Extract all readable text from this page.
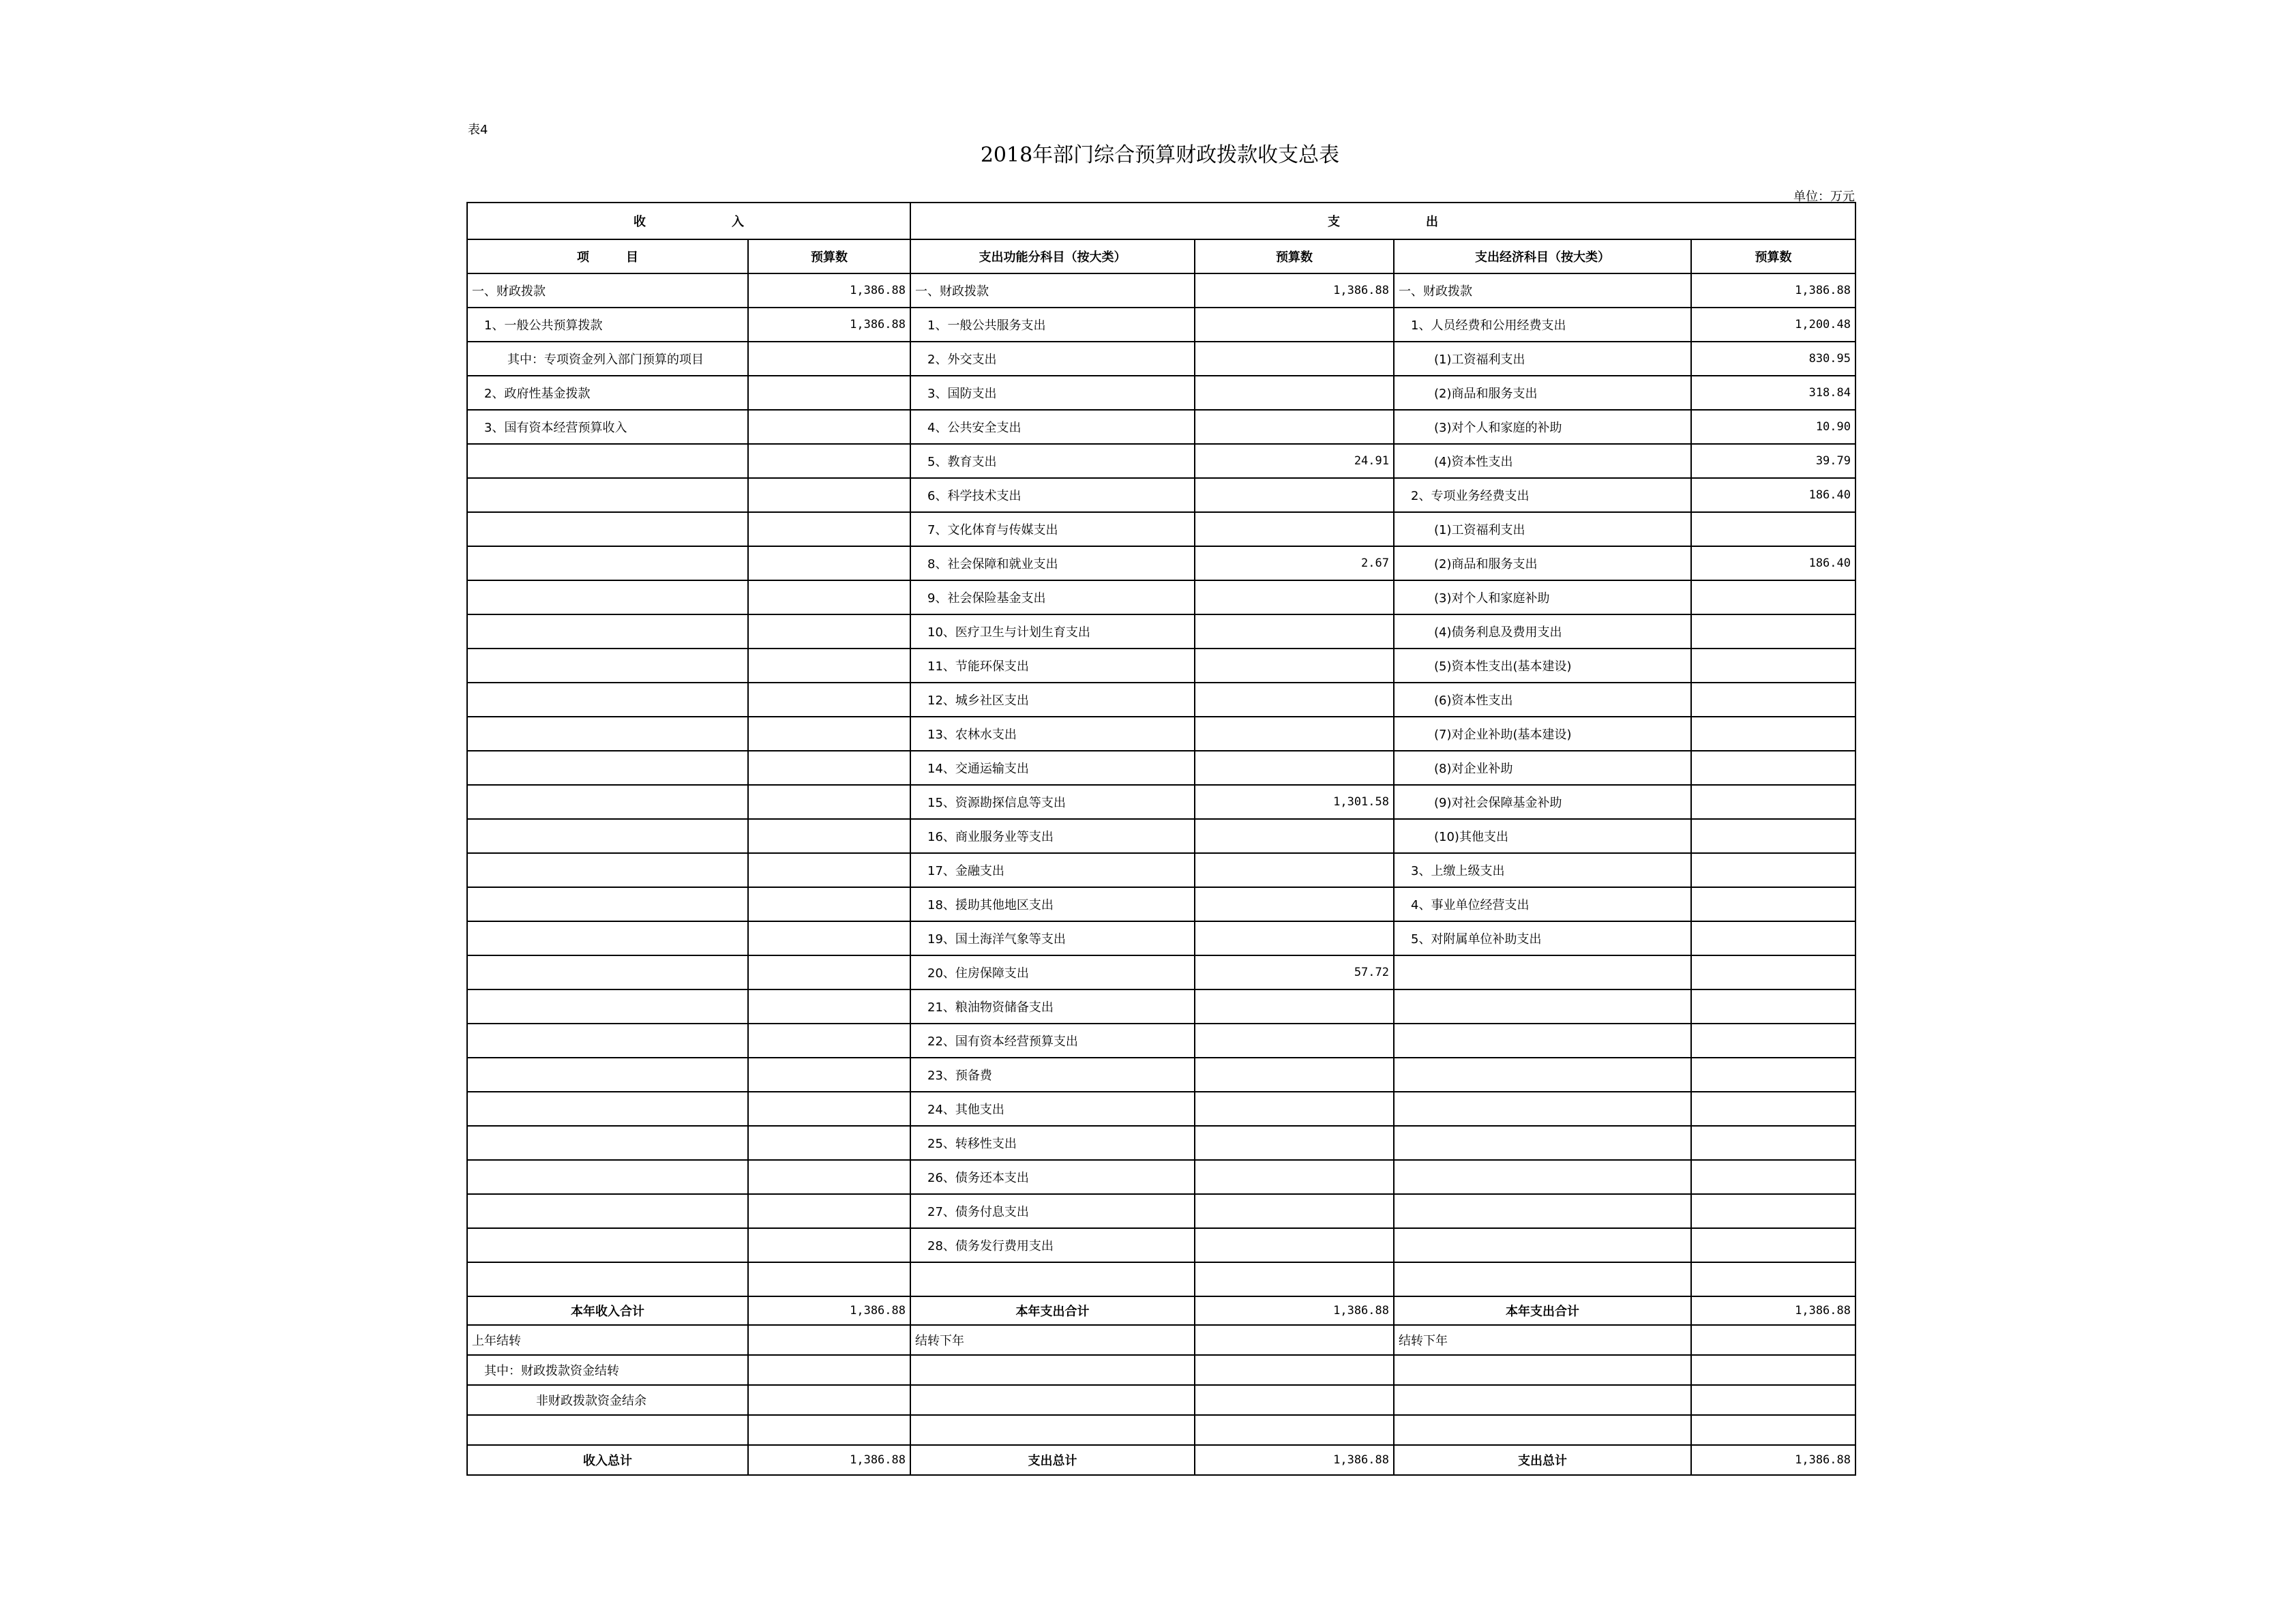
表4
2018年部门综合预算财政拨款收支总表
单位：万元
收　　　　　　　入		支　　　　　　　出			
项　　　目	预算数	支出功能分科目（按大类）	预算数	支出经济科目（按大类）	预算数
一、财政拨款	1,386.88	一、财政拨款	1,386.88	一、财政拨款	1,386.88
1、一般公共预算拨款	1,386.88	1、一般公共服务支出		1、人员经费和公用经费支出	1,200.48
其中：专项资金列入部门预算的项目		2、外交支出		(1)工资福利支出	830.95
2、政府性基金拨款		3、国防支出		(2)商品和服务支出	318.84
3、国有资本经营预算收入		4、公共安全支出		(3)对个人和家庭的补助	10.90
		5、教育支出	24.91	(4)资本性支出	39.79
		6、科学技术支出		2、专项业务经费支出	186.40
		7、文化体育与传媒支出		(1)工资福利支出	
		8、社会保障和就业支出	2.67	(2)商品和服务支出	186.40
		9、社会保险基金支出		(3)对个人和家庭补助	
		10、医疗卫生与计划生育支出		(4)债务利息及费用支出	
		11、节能环保支出		(5)资本性支出(基本建设)	
		12、城乡社区支出		(6)资本性支出	
		13、农林水支出		(7)对企业补助(基本建设)	
		14、交通运输支出		(8)对企业补助	
		15、资源勘探信息等支出	1,301.58	(9)对社会保障基金补助	
		16、商业服务业等支出		(10)其他支出	
		17、金融支出		3、上缴上级支出	
		18、援助其他地区支出		4、事业单位经营支出	
		19、国土海洋气象等支出		5、对附属单位补助支出	
		20、住房保障支出	57.72		
		21、粮油物资储备支出			
		22、国有资本经营预算支出			
		23、预备费			
		24、其他支出			
		25、转移性支出			
		26、债务还本支出			
		27、债务付息支出			
		28、债务发行费用支出			

本年收入合计	1,386.88	本年支出合计	1,386.88	本年支出合计	1,386.88
上年结转		结转下年		结转下年	
其中：财政拨款资金结转					
非财政拨款资金结余					

收入总计	1,386.88	支出总计	1,386.88	支出总计	1,386.88
